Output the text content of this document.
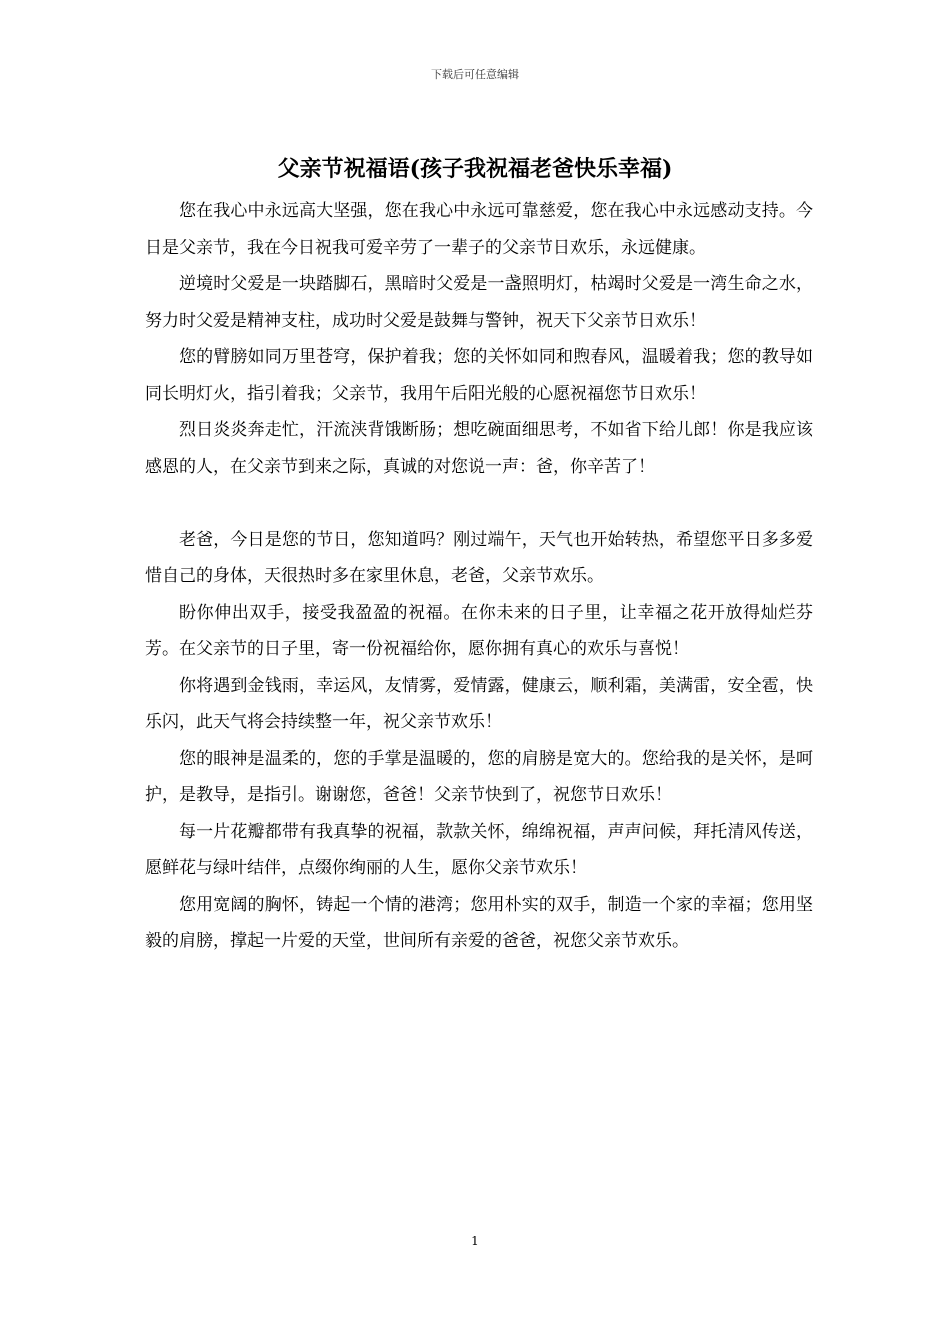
下载后可任意编辑
父亲节祝福语(孩子我祝福老爸快乐幸福)

您在我心中永远高大坚强，您在我心中永远可靠慈爱，您在我心中永远感动支持。今日是父亲节，我在今日祝我可爱辛劳了一辈子的父亲节日欢乐，永远健康。

逆境时父爱是一块踏脚石，黑暗时父爱是一盏照明灯，枯竭时父爱是一湾生命之水，努力时父爱是精神支柱，成功时父爱是鼓舞与警钟，祝天下父亲节日欢乐！

您的臂膀如同万里苍穹，保护着我；您的关怀如同和煦春风，温暖着我；您的教导如同长明灯火，指引着我；父亲节，我用午后阳光般的心愿祝福您节日欢乐！

烈日炎炎奔走忙，汗流浃背饿断肠；想吃碗面细思考，不如省下给儿郎！你是我应该感恩的人，在父亲节到来之际，真诚的对您说一声：爸，你辛苦了！

老爸，今日是您的节日，您知道吗？刚过端午，天气也开始转热，希望您平日多多爱惜自己的身体，天很热时多在家里休息，老爸，父亲节欢乐。

盼你伸出双手，接受我盈盈的祝福。在你未来的日子里，让幸福之花开放得灿烂芬芳。在父亲节的日子里，寄一份祝福给你，愿你拥有真心的欢乐与喜悦！

你将遇到金钱雨，幸运风，友情雾，爱情露，健康云，顺利霜，美满雷，安全雹，快乐闪，此天气将会持续整一年，祝父亲节欢乐！

您的眼神是温柔的，您的手掌是温暖的，您的肩膀是宽大的。您给我的是关怀，是呵护，是教导，是指引。谢谢您，爸爸！父亲节快到了，祝您节日欢乐！

每一片花瓣都带有我真挚的祝福，款款关怀，绵绵祝福，声声问候，拜托清风传送，愿鲜花与绿叶结伴，点缀你绚丽的人生，愿你父亲节欢乐！

您用宽阔的胸怀，铸起一个情的港湾；您用朴实的双手，制造一个家的幸福；您用坚毅的肩膀，撑起一片爱的天堂，世间所有亲爱的爸爸，祝您父亲节欢乐。

1
